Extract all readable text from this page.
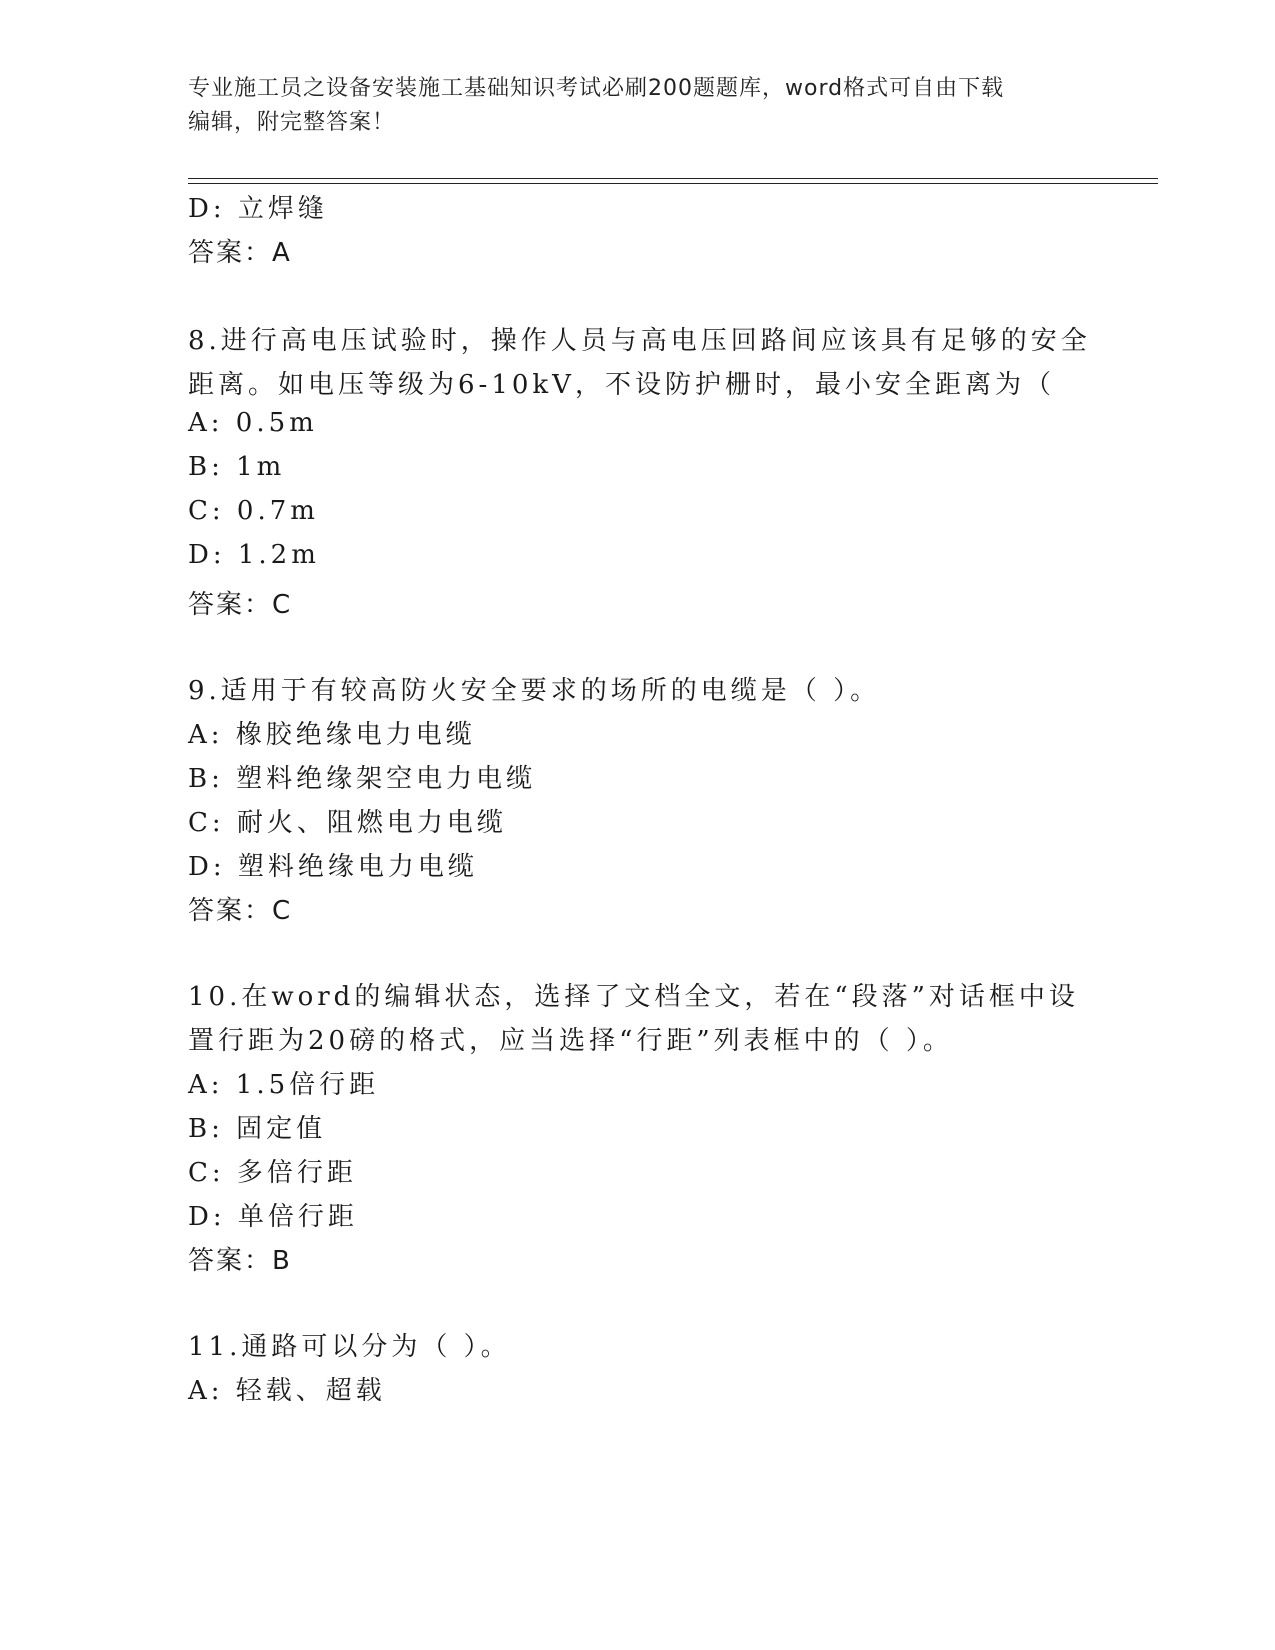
专业施工员之设备安装施工基础知识考试必刷200题题库，word格式可自由下载
编辑，附完整答案！
D: 立焊缝
答案：A
8.进行高电压试验时，操作人员与高电压回路间应该具有足够的安全
距离。如电压等级为6-10kV，不设防护栅时，最小安全距离为（
A: 0.5m
B: 1m
C: 0.7m
D: 1.2m
答案：C
9.适用于有较高防火安全要求的场所的电缆是（ ）。
A: 橡胶绝缘电力电缆
B: 塑料绝缘架空电力电缆
C: 耐火、阻燃电力电缆
D: 塑料绝缘电力电缆
答案：C
10.在word的编辑状态，选择了文档全文，若在“段落”对话框中设
置行距为20磅的格式，应当选择“行距”列表框中的（ ）。
A: 1.5倍行距
B: 固定值
C: 多倍行距
D: 单倍行距
答案：B
11.通路可以分为（ ）。
A: 轻载、超载
